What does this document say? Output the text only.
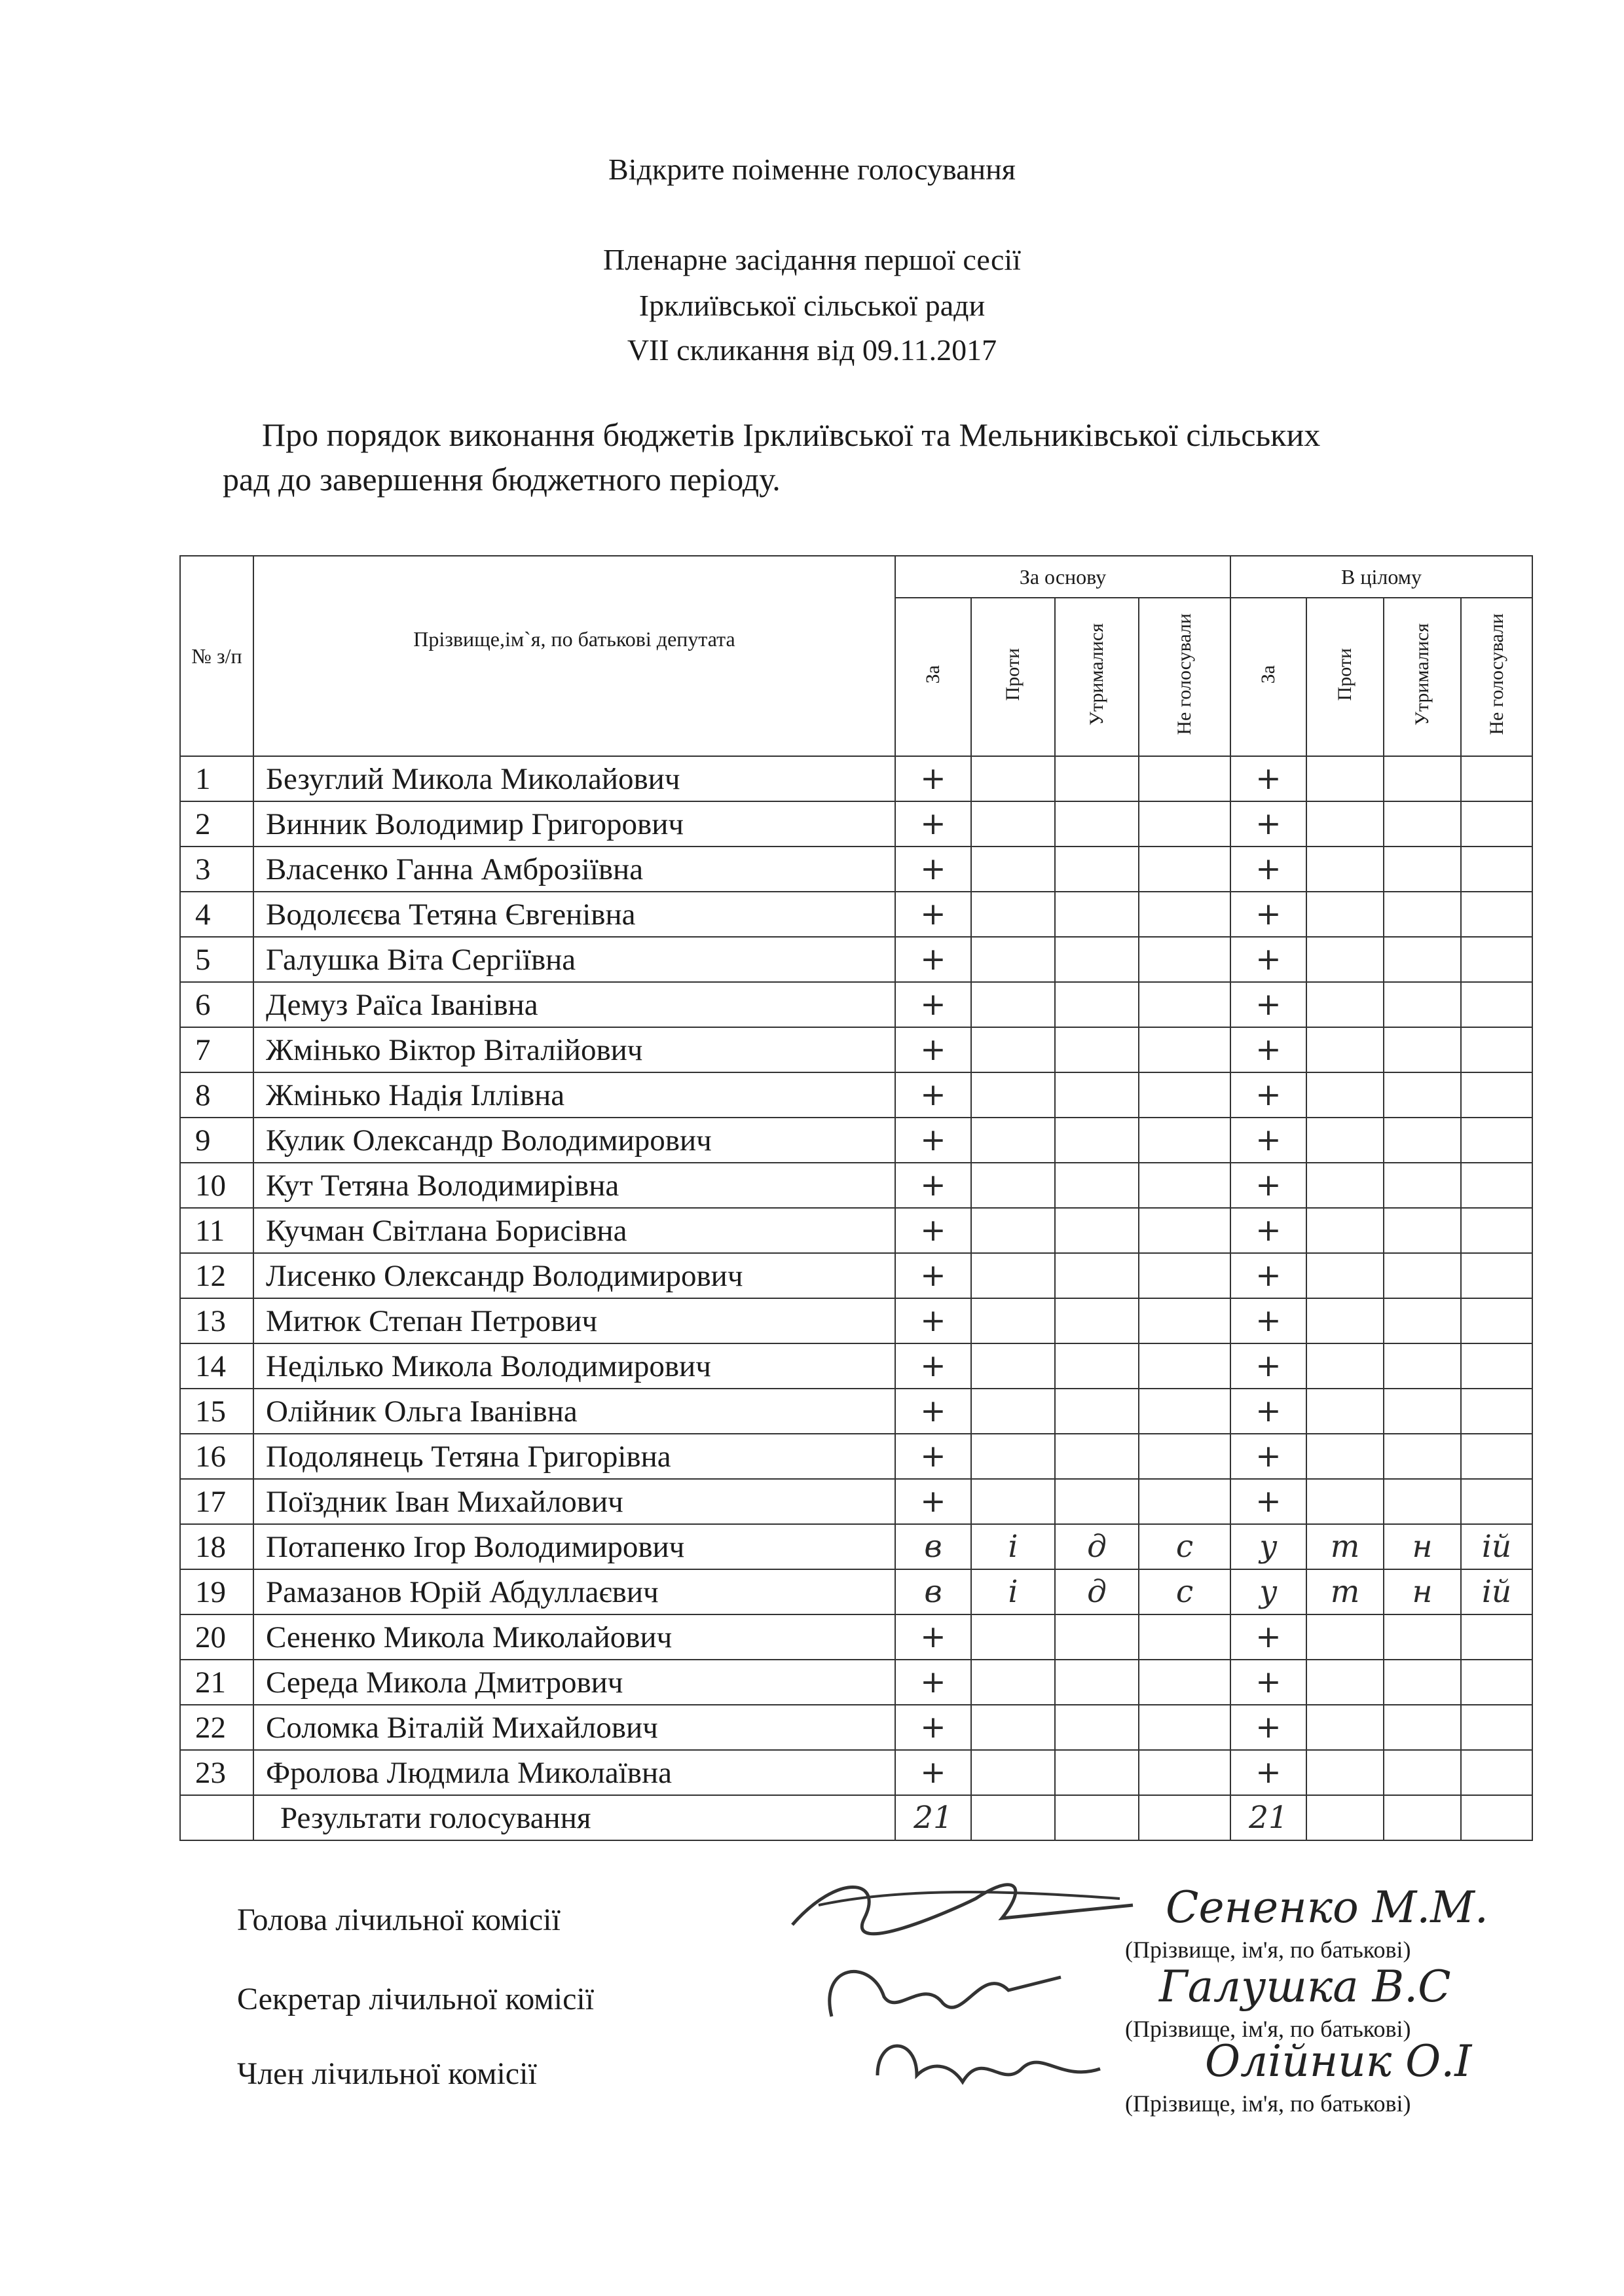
Відкрите поіменне голосування
Пленарне засідання першої сесії
Ірклиївської сільської ради
VII скликання від 09.11.2017
Про порядок виконання бюджетів Ірклиївської та Мельниківської сільських
рад до завершення бюджетного періоду.
№ з/п	Прізвище,ім`я, по батькові депутата	За основу				В цілому			
		За	Проти	Утрималися	Не голосували	За	Проти	Утрималися	Не голосували
1	Безуглий Микола Миколайович	+				+			
2	Винник Володимир Григорович	+				+			
3	Власенко Ганна Амброзіївна	+				+			
4	Водолєєва Тетяна Євгенівна	+				+			
5	Галушка Віта Сергіївна	+				+			
6	Демуз Раїса Іванівна	+				+			
7	Жмінько Віктор Віталійович	+				+			
8	Жмінько Надія Іллівна	+				+			
9	Кулик Олександр Володимирович	+				+			
10	Кут Тетяна Володимирівна	+				+			
11	Кучман Світлана Борисівна	+				+			
12	Лисенко Олександр Володимирович	+				+			
13	Митюк Степан Петрович	+				+			
14	Неділько Микола Володимирович	+				+			
15	Олійник Ольга Іванівна	+				+			
16	Подолянець Тетяна Григорівна	+				+			
17	Поїздник Іван Михайлович	+				+			
18	Потапенко Ігор Володимирович	в	і	д	с	у	т	н	ій
19	Рамазанов Юрій Абдуллаєвич	в	і	д	с	у	т	н	ій
20	Сененко Микола Миколайович	+				+			
21	Середа Микола Дмитрович	+				+			
22	Соломка Віталій Михайлович	+				+			
23	Фролова Людмила Миколаївна	+				+			
	Результати голосування	21				21			
Голова лічильної комісії	Сененко М.М.
(Прізвище, ім'я, по батькові)
Секретар лічильної комісії	Галушка В.С
(Прізвище, ім'я, по батькові)
Член лічильної комісії	Олійник О.І
(Прізвище, ім'я, по батькові)
